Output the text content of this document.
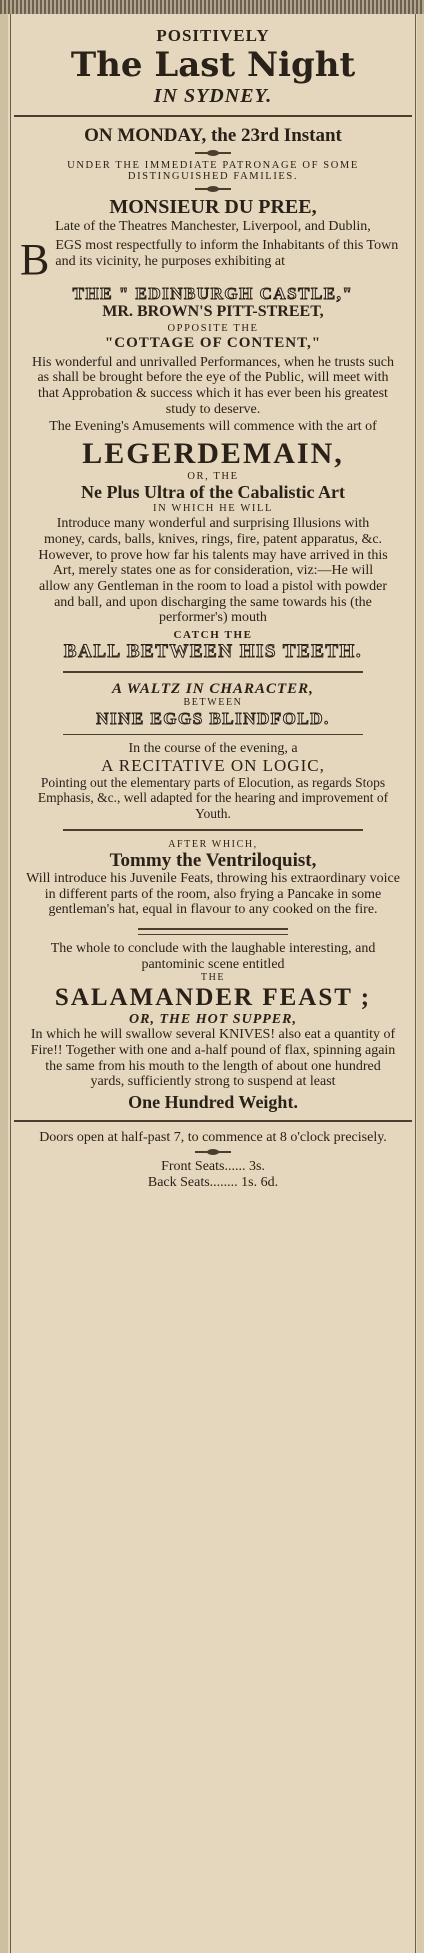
POSITIVELY
The Last Night
IN SYDNEY.
ON MONDAY, the 23rd Instant
UNDER THE IMMEDIATE PATRONAGE OF SOME
DISTINGUISHED FAMILIES.
MONSIEUR DU PREE,
Late of the Theatres Manchester, Liverpool, and Dublin,
B EGS most respectfully to inform the Inhabitants of this Town and its vicinity, he purposes exhibiting at
THE " EDINBURGH CASTLE,"
MR. BROWN'S PITT-STREET,
OPPOSITE THE
"COTTAGE OF CONTENT,"
His wonderful and unrivalled Performances, when he trusts such as shall be brought before the eye of the Public, will meet with that Approbation & success which it has ever been his greatest study to deserve.
The Evening's Amusements will commence with the art of
LEGERDEMAIN,
OR, THE
Ne Plus Ultra of the Cabalistic Art
IN WHICH HE WILL
Introduce many wonderful and surprising Illusions with money, cards, balls, knives, rings, fire, patent apparatus, &c. However, to prove how far his talents may have arrived in this Art, merely states one as for consideration, viz:—He will allow any Gentleman in the room to load a pistol with powder and ball, and upon discharging the same towards his (the performer's) mouth
CATCH THE
BALL BETWEEN HIS TEETH.
A WALTZ IN CHARACTER,
BETWEEN
NINE EGGS BLINDFOLD.
In the course of the evening, a
A RECITATIVE ON LOGIC,
Pointing out the elementary parts of Elocution, as regards Stops Emphasis, &c., well adapted for the hearing and improvement of Youth.
AFTER WHICH,
Tommy the Ventriloquist,
Will introduce his Juvenile Feats, throwing his extraordinary voice in different parts of the room, also frying a Pancake in some gentleman's hat, equal in flavour to any cooked on the fire.
The whole to conclude with the laughable interesting, and pantominic scene entitled
THE
SALAMANDER FEAST ;
OR, THE HOT SUPPER,
In which he will swallow several KNIVES! also eat a quantity of Fire!! Together with one and a-half pound of flax, spinning again the same from his mouth to the length of about one hundred yards, sufficiently strong to suspend at least
One Hundred Weight.
Doors open at half-past 7, to commence at 8 o'clock precisely.
Front Seats...... 3s.
Back Seats........ 1s. 6d.
